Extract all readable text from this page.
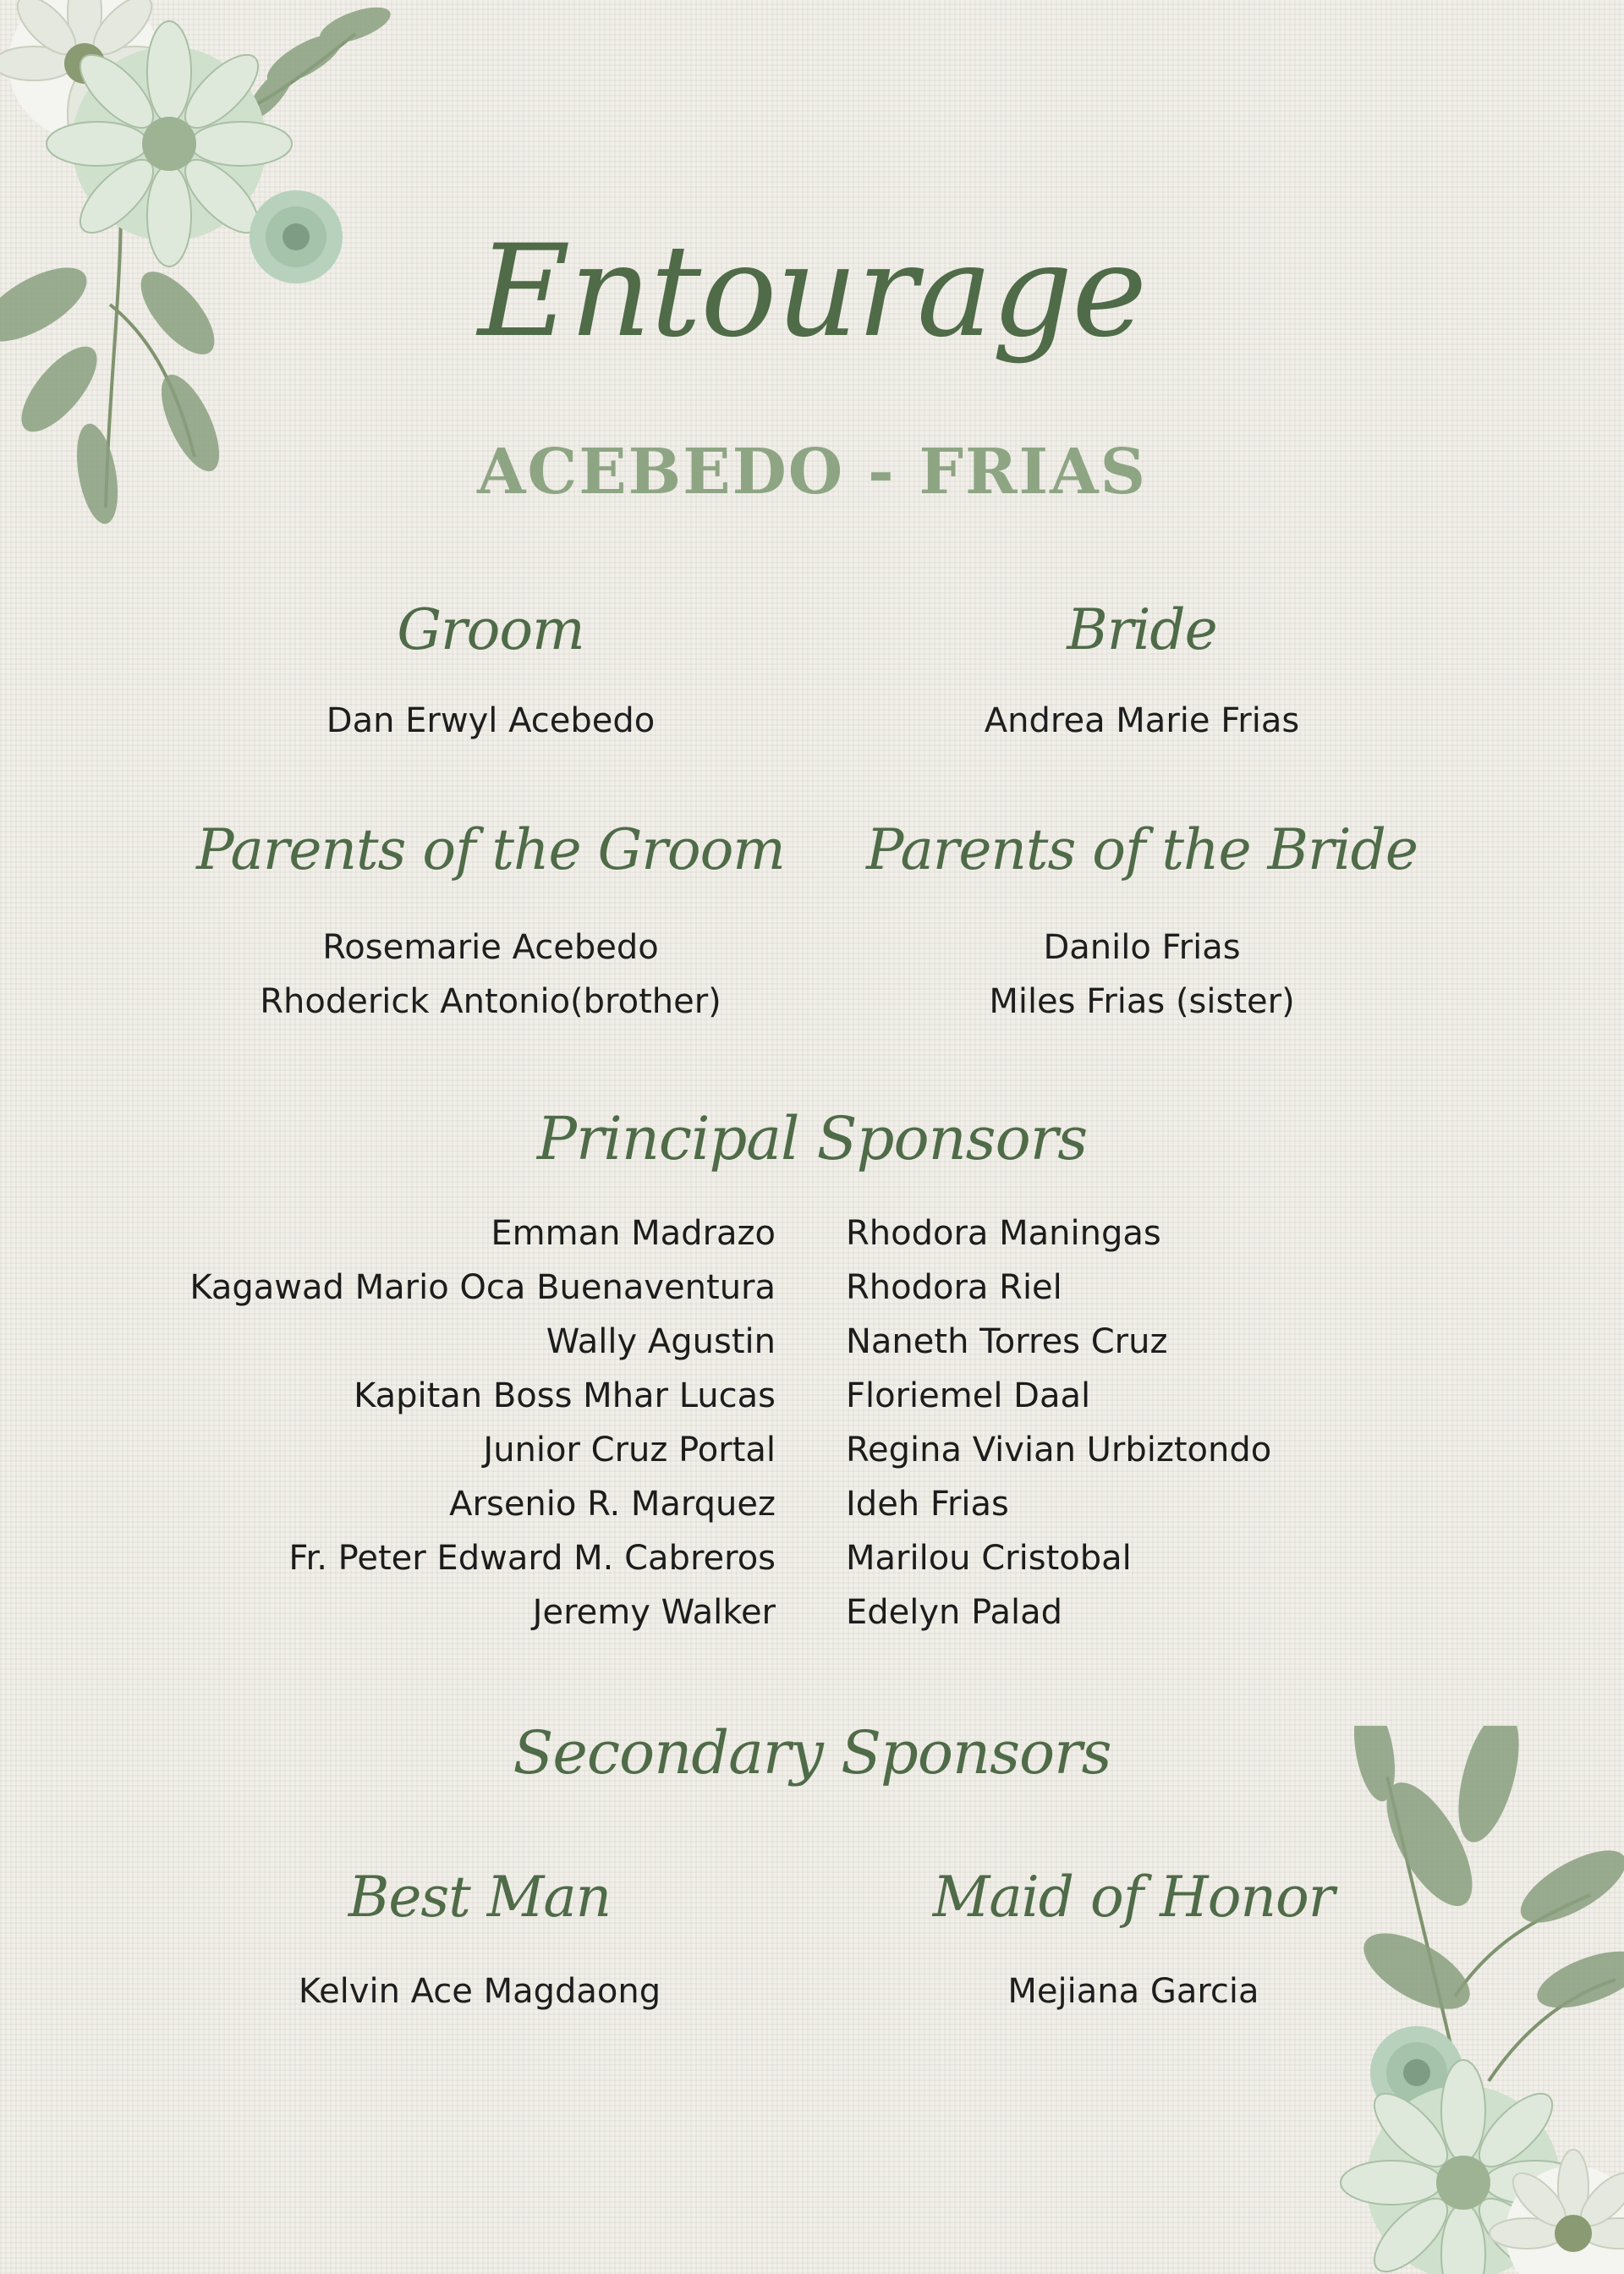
Entourage
ACEBEDO - FRIAS
Groom
Dan Erwyl Acebedo
Bride
Andrea Marie Frias
Parents of the Groom
Rosemarie Acebedo
Rhoderick Antonio(brother)
Parents of the Bride
Danilo Frias
Miles Frias (sister)
Principal Sponsors
Emman Madrazo
Kagawad Mario Oca Buenaventura
Wally Agustin
Kapitan Boss Mhar Lucas
Junior Cruz Portal
Arsenio R. Marquez
Fr. Peter Edward M. Cabreros
Jeremy Walker
Rhodora Maningas
Rhodora Riel
Naneth Torres Cruz
Floriemel Daal
Regina Vivian Urbiztondo
Ideh Frias
Marilou Cristobal
Edelyn Palad
Secondary Sponsors
Best Man
Kelvin Ace Magdaong
Maid of Honor
Mejiana Garcia
